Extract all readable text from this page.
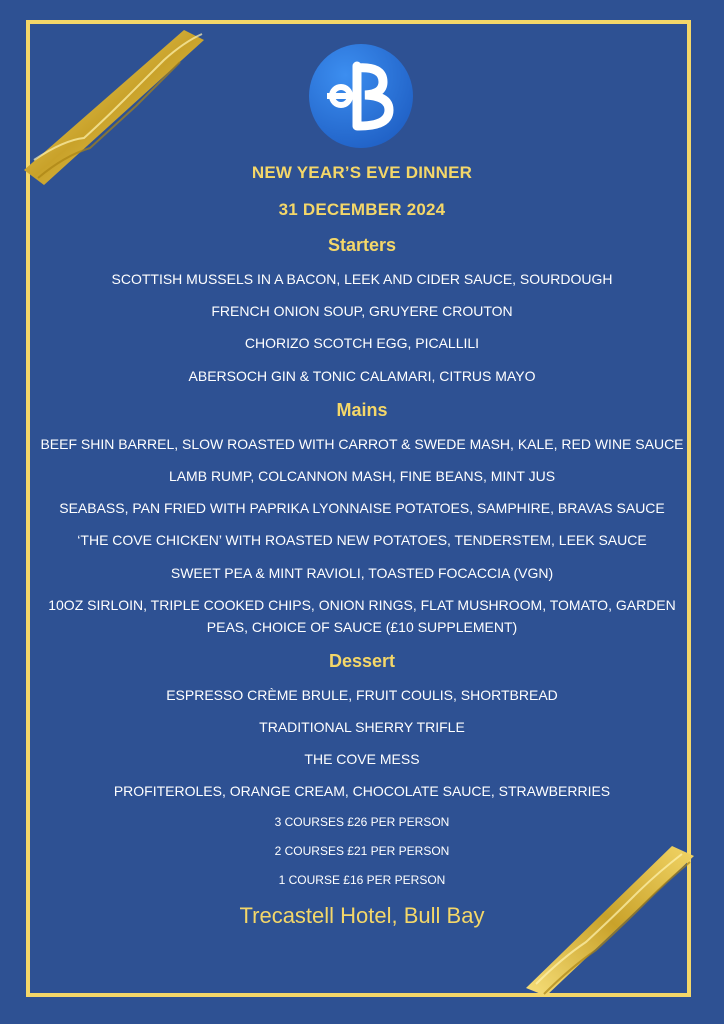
NEW YEAR’S EVE DINNER
31 DECEMBER 2024
Starters
SCOTTISH MUSSELS IN A BACON, LEEK AND CIDER SAUCE, SOURDOUGH
FRENCH ONION SOUP, GRUYERE CROUTON
CHORIZO SCOTCH EGG, PICALLILI
ABERSOCH GIN & TONIC CALAMARI, CITRUS MAYO
Mains
BEEF SHIN BARREL, SLOW ROASTED WITH CARROT & SWEDE MASH, KALE, RED WINE SAUCE
LAMB RUMP, COLCANNON MASH, FINE BEANS, MINT JUS
SEABASS, PAN FRIED WITH PAPRIKA LYONNAISE POTATOES, SAMPHIRE, BRAVAS SAUCE
‘THE COVE CHICKEN’ WITH ROASTED NEW POTATOES, TENDERSTEM, LEEK SAUCE
SWEET PEA & MINT RAVIOLI, TOASTED FOCACCIA (VGN)
10OZ SIRLOIN, TRIPLE COOKED CHIPS, ONION RINGS, FLAT MUSHROOM, TOMATO, GARDEN PEAS, CHOICE OF SAUCE (£10 SUPPLEMENT)
Dessert
ESPRESSO CRÈME BRULE, FRUIT COULIS, SHORTBREAD
TRADITIONAL SHERRY TRIFLE
THE COVE MESS
PROFITEROLES, ORANGE CREAM, CHOCOLATE SAUCE, STRAWBERRIES
3 COURSES £26 PER PERSON
2 COURSES £21 PER PERSON
1 COURSE £16 PER PERSON
Trecastell Hotel, Bull Bay
